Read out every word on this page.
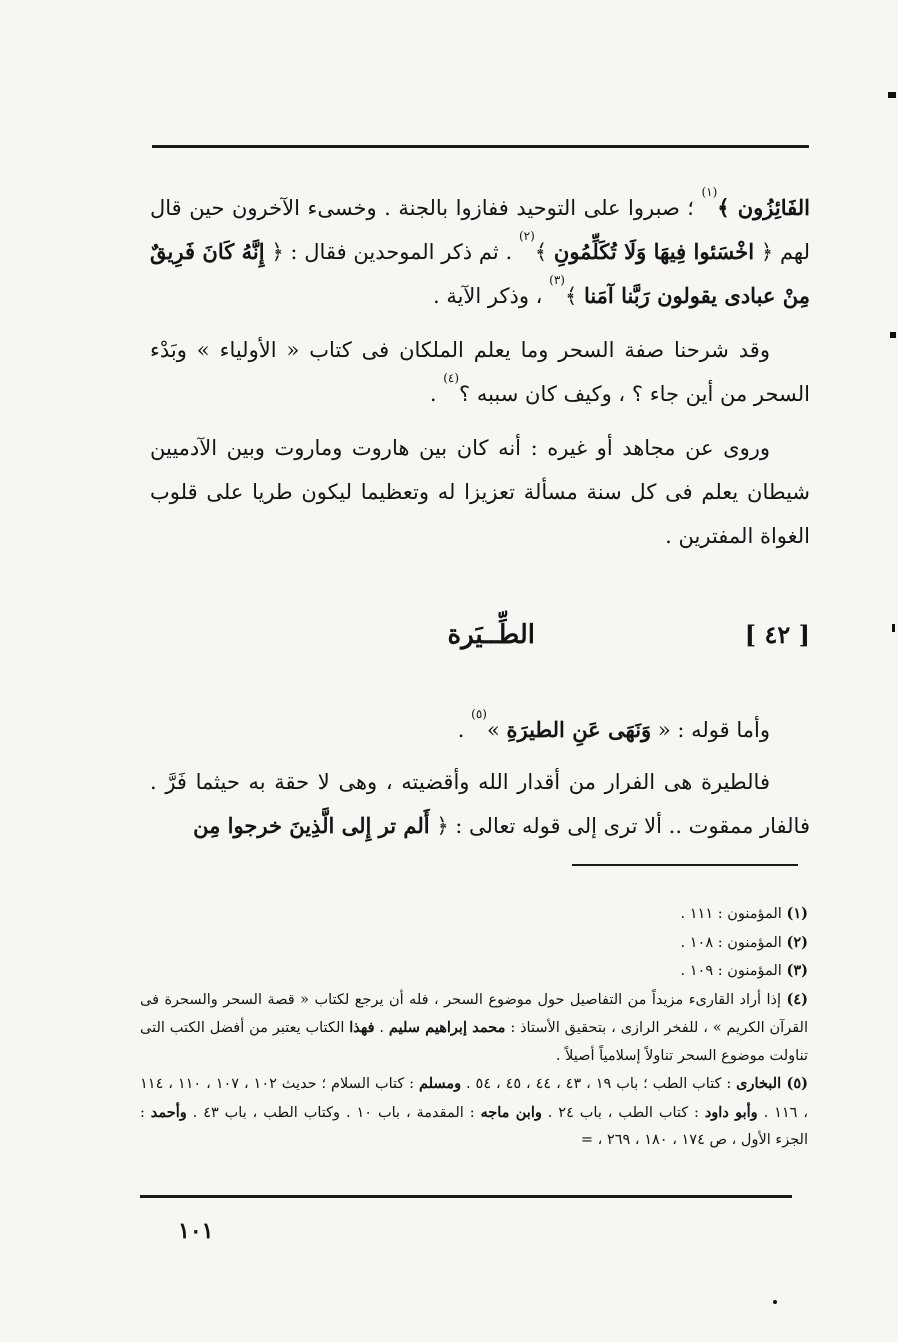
الفَائِزُون ﴾$^{(١)}$ ؛ صبروا على التوحيد ففازوا بالجنة . وخسىء الآخرون حين قال لهم ﴿ اخْسَئوا فِيهَا وَلَا تُكَلِّمُونِ ﴾$^{(٢)}$ . ثم ذكر الموحدين فقال : ﴿ إِنَّهُ كَانَ فَرِيقٌ مِنْ عبادى يقولون رَبَّنا آمَنا ﴾$^{(٣)}$ ، وذكر الآية .

وقد شرحنا صفة السحر وما يعلم الملكان فى كتاب « الأولياء » وبَدْء السحر من أين جاء ؟ ، وكيف كان سببه ؟$^{(٤)}$ .

وروى عن مجاهد أو غيره : أنه كان بين هاروت وماروت وبين الآدميين شيطان يعلم فى كل سنة مسألة تعزيزا له وتعظيما ليكون طريا على قلوب الغواة المفترين .

[ ٤٢ ]
الطِّــيَرة

وأما قوله : « وَنَهَى عَنِ الطيرَةِ »$^{(٥)}$ .

فالطيرة هى الفرار من أقدار الله وأقضيته ، وهى لا حقة به حيثما فَرَّ . فالفار ممقوت .. ألا ترى إلى قوله تعالى : ﴿ أَلم تر إِلى الَّذِينَ خرجوا مِن

(١) المؤمنون : ١١١ .

(٢) المؤمنون : ١٠٨ .

(٣) المؤمنون : ١٠٩ .

(٤) إذا أراد القارىء مزيداً من التفاصيل حول موضوع السحر ، فله أن يرجع لكتاب « قصة السحر والسحرة فى القرآن الكريم » ، للفخر الرازى ، بتحقيق الأستاذ : محمد إبراهيم سليم . فهذا الكتاب يعتبر من أفضل الكتب التى تناولت موضوع السحر تناولاً إسلامياً أصيلاً .

(٥) البخارى : كتاب الطب ؛ باب ١٩ ، ٤٣ ، ٤٤ ، ٤٥ ، ٥٤ . ومسلم : كتاب السلام ؛ حديث ١٠٢ ، ١٠٧ ، ١١٠ ، ١١٤ ، ١١٦ . وأبو داود : كتاب الطب ، باب ٢٤ . وابن ماجه : المقدمة ، باب ١٠ . وكتاب الطب ، باب ٤٣ . وأحمد : الجزء الأول ، ص ١٧٤ ، ١٨٠ ، ٢٦٩ ، =

١٠١
